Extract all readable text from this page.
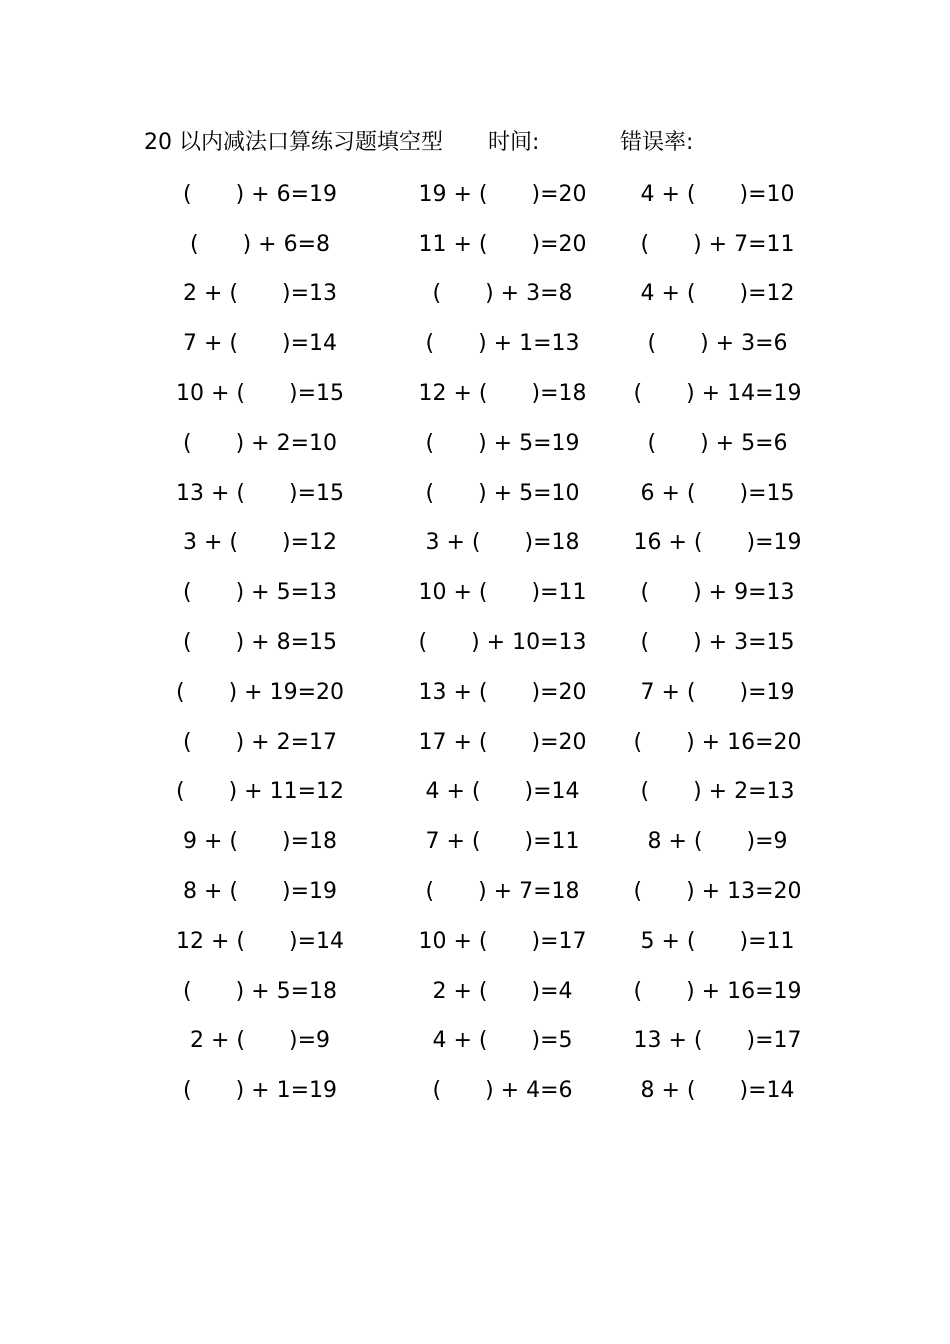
20 以内减法口算练习题填空型 时间:	错误率:
(　　) + 6=19	19 + (　　)=20	4 + (　　)=10
(　　) + 6=8	11 + (　　)=20	(　　) + 7=11
2 + (　　)=13	(　　) + 3=8	4 + (　　)=12
7 + (　　)=14	(　　) + 1=13	(　　) + 3=6
10 + (　　)=15	12 + (　　)=18	(　　) + 14=19
(　　) + 2=10	(　　) + 5=19	(　　) + 5=6
13 + (　　)=15	(　　) + 5=10	6 + (　　)=15
3 + (　　)=12	3 + (　　)=18	16 + (　　)=19
(　　) + 5=13	10 + (　　)=11	(　　) + 9=13
(　　) + 8=15	(　　) + 10=13	(　　) + 3=15
(　　) + 19=20	13 + (　　)=20	7 + (　　)=19
(　　) + 2=17	17 + (　　)=20	(　　) + 16=20
(　　) + 11=12	4 + (　　)=14	(　　) + 2=13
9 + (　　)=18	7 + (　　)=11	8 + (　　)=9
8 + (　　)=19	(　　) + 7=18	(　　) + 13=20
12 + (　　)=14	10 + (　　)=17	5 + (　　)=11
(　　) + 5=18	2 + (　　)=4	(　　) + 16=19
2 + (　　)=9	4 + (　　)=5	13 + (　　)=17
(　　) + 1=19	(　　) + 4=6	8 + (　　)=14
